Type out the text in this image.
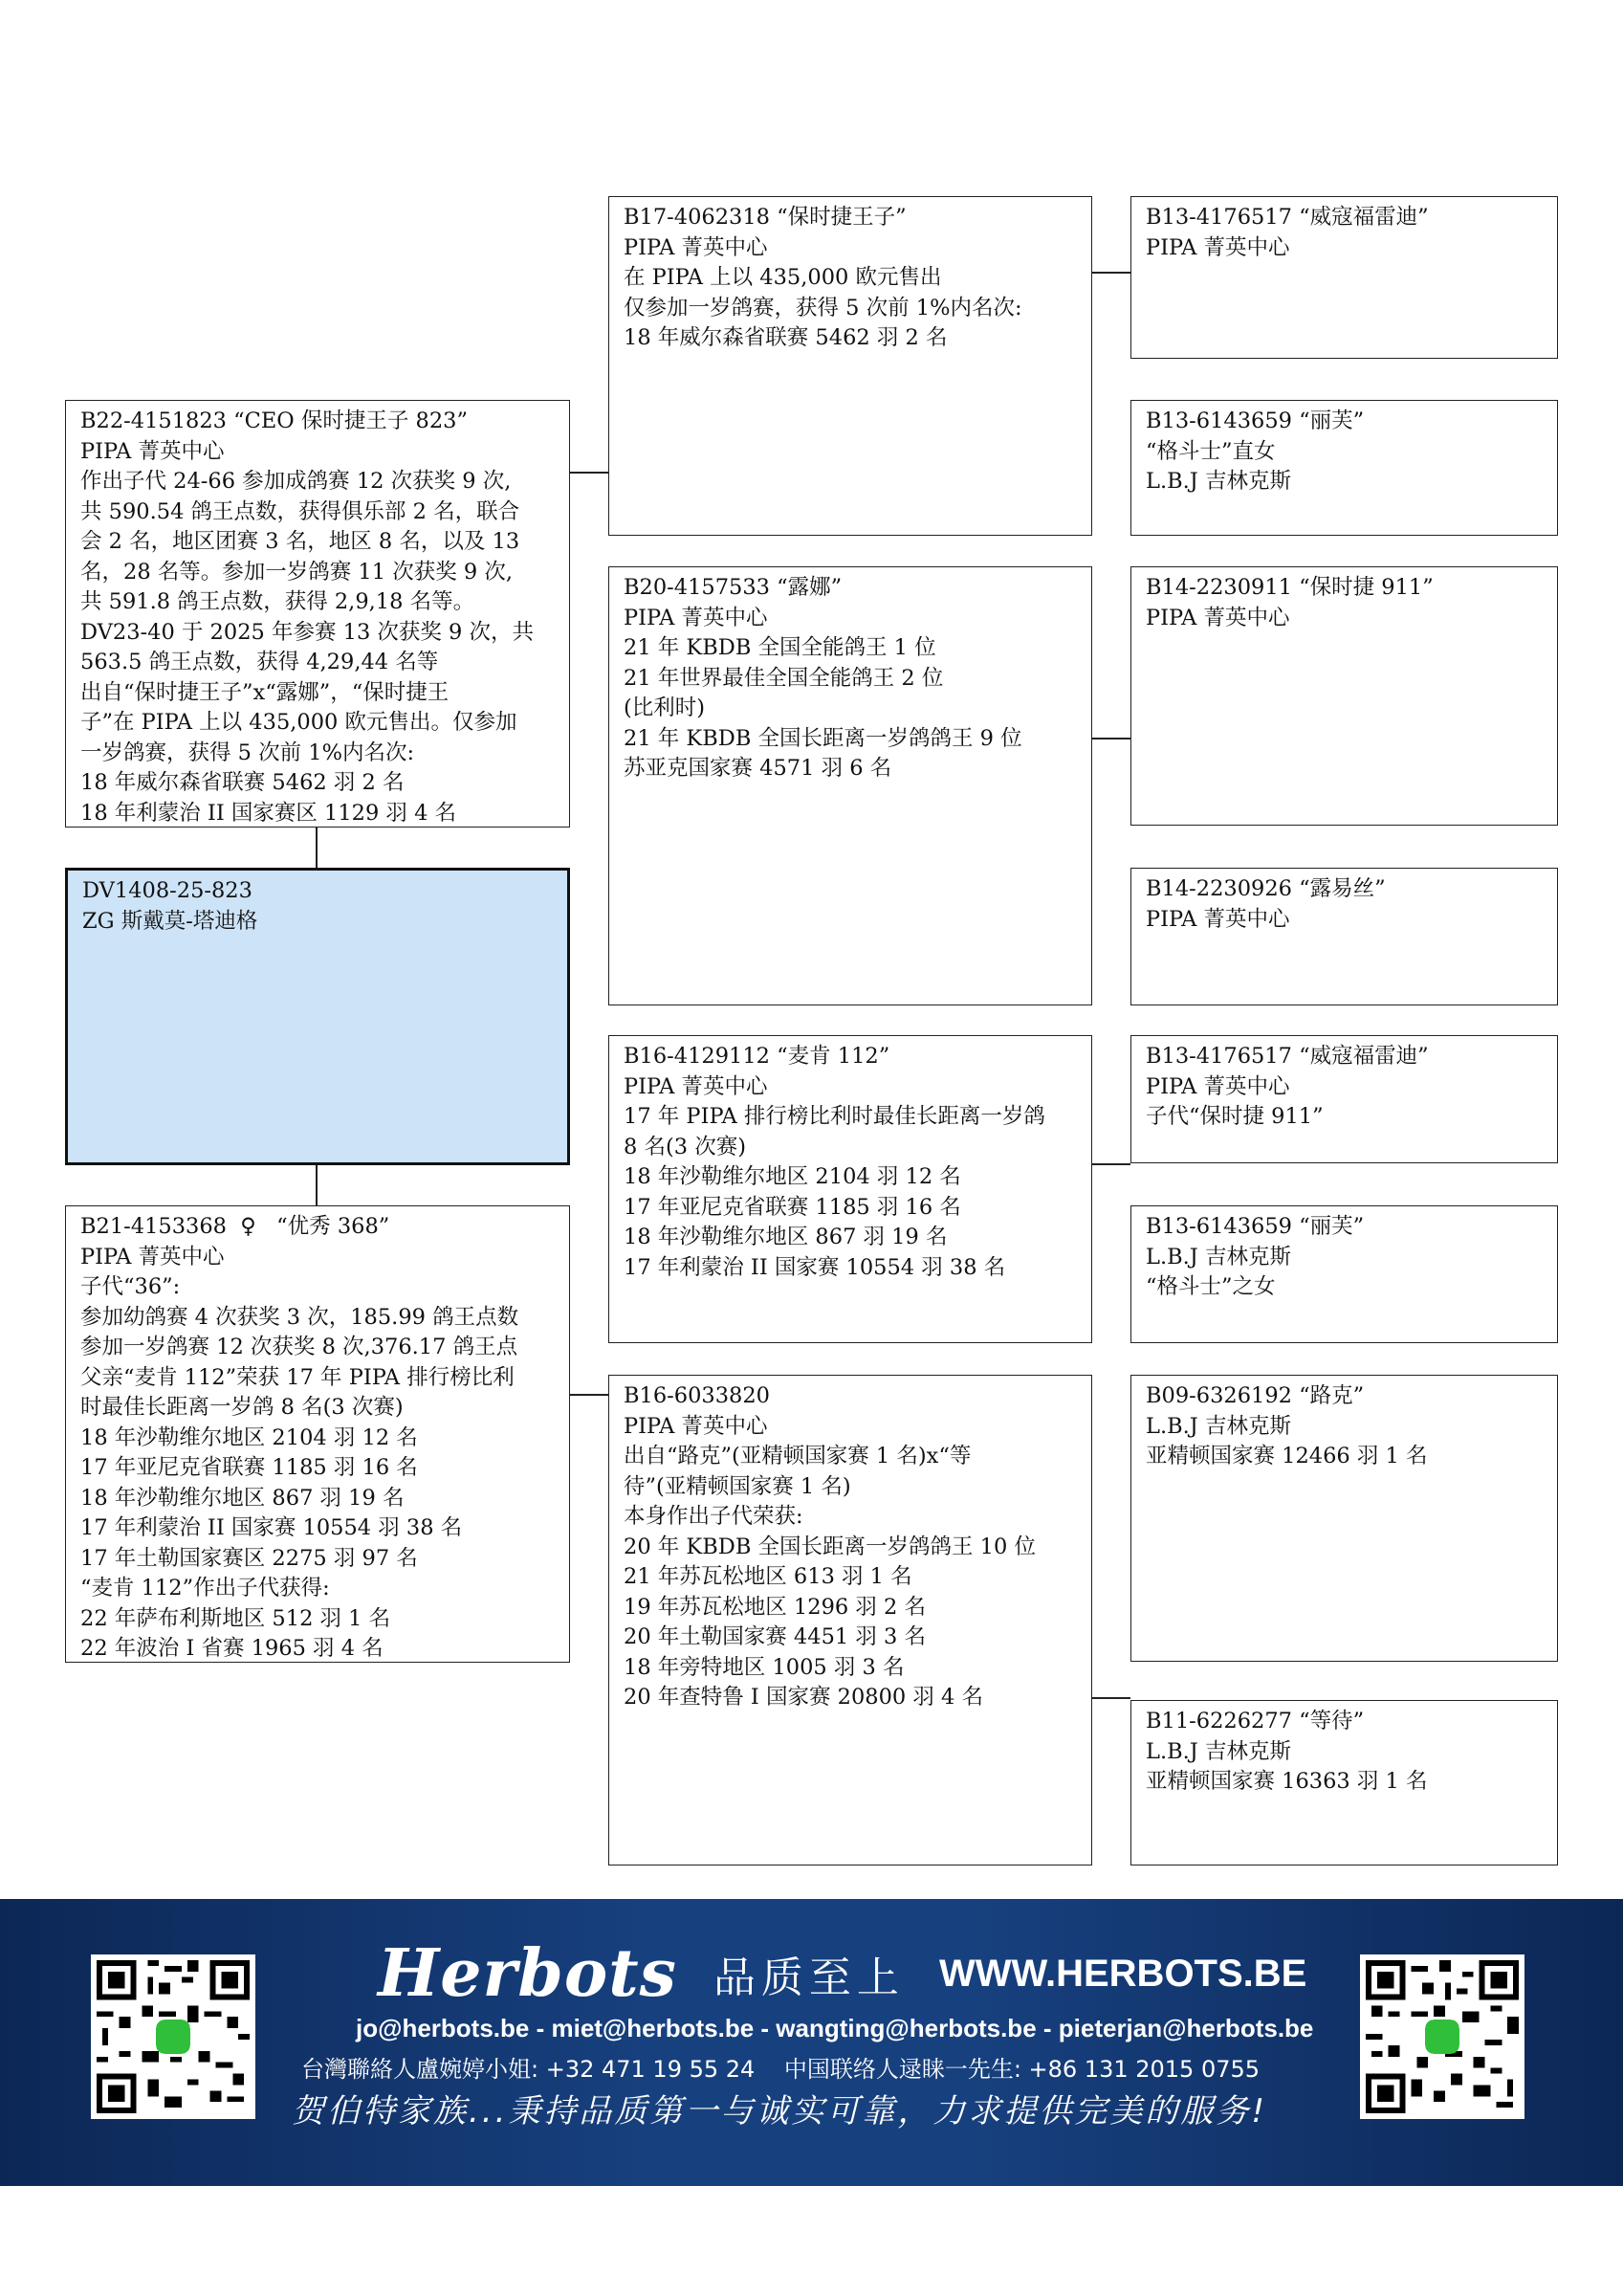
DV1408-25-823
ZG 斯戴莫-塔迪格
B22-4151823 “CEO 保时捷王子 823”
PIPA 菁英中心
作出子代 24-66 参加成鸽赛 12 次获奖 9 次,
共 590.54 鸽王点数，获得俱乐部 2 名，联合
会 2 名，地区团赛 3 名，地区 8 名，以及 13
名，28 名等。参加一岁鸽赛 11 次获奖 9 次,
共 591.8 鸽王点数，获得 2,9,18 名等。
DV23-40 于 2025 年参赛 13 次获奖 9 次，共
563.5 鸽王点数，获得 4,29,44 名等
出自“保时捷王子”x“露娜”，“保时捷王
子”在 PIPA 上以 435,000 欧元售出。仅参加
一岁鸽赛，获得 5 次前 1%内名次:
18 年威尔森省联赛 5462 羽 2 名
18 年利蒙治 II 国家赛区 1129 羽 4 名
B21-4153368  ♀   “优秀 368”
PIPA 菁英中心
子代“36”:
参加幼鸽赛 4 次获奖 3 次，185.99 鸽王点数
参加一岁鸽赛 12 次获奖 8 次,376.17 鸽王点
父亲“麦肯 112”荣获 17 年 PIPA 排行榜比利
时最佳长距离一岁鸽 8 名(3 次赛)
18 年沙勒维尔地区 2104 羽 12 名
17 年亚尼克省联赛 1185 羽 16 名
18 年沙勒维尔地区 867 羽 19 名
17 年利蒙治 II 国家赛 10554 羽 38 名
17 年土勒国家赛区 2275 羽 97 名
“麦肯 112”作出子代获得:
22 年萨布利斯地区 512 羽 1 名
22 年波治 I 省赛 1965 羽 4 名
B17-4062318 “保时捷王子”
PIPA 菁英中心
在 PIPA 上以 435,000 欧元售出
仅参加一岁鸽赛，获得 5 次前 1%内名次:
18 年威尔森省联赛 5462 羽 2 名
B20-4157533 “露娜”
PIPA 菁英中心
21 年 KBDB 全国全能鸽王 1 位
21 年世界最佳全国全能鸽王 2 位
(比利时)
21 年 KBDB 全国长距离一岁鸽鸽王 9 位
苏亚克国家赛 4571 羽 6 名
B16-4129112 “麦肯 112”
PIPA 菁英中心
17 年 PIPA 排行榜比利时最佳长距离一岁鸽
8 名(3 次赛)
18 年沙勒维尔地区 2104 羽 12 名
17 年亚尼克省联赛 1185 羽 16 名
18 年沙勒维尔地区 867 羽 19 名
17 年利蒙治 II 国家赛 10554 羽 38 名
B16-6033820
PIPA 菁英中心
出自“路克”(亚精顿国家赛 1 名)x“等
待”(亚精顿国家赛 1 名)
本身作出子代荣获:
20 年 KBDB 全国长距离一岁鸽鸽王 10 位
21 年苏瓦松地区 613 羽 1 名
19 年苏瓦松地区 1296 羽 2 名
20 年土勒国家赛 4451 羽 3 名
18 年旁特地区 1005 羽 3 名
20 年查特鲁 I 国家赛 20800 羽 4 名
B13-4176517 “威寇福雷迪”
PIPA 菁英中心
B13-6143659 “丽芙”
“格斗士”直女
L.B.J 吉林克斯
B14-2230911 “保时捷 911”
PIPA 菁英中心
B14-2230926 “露易丝”
PIPA 菁英中心
B13-4176517 “威寇福雷迪”
PIPA 菁英中心
子代“保时捷 911”
B13-6143659 “丽芙”
L.B.J 吉林克斯
“格斗士”之女
B09-6326192 “路克”
L.B.J 吉林克斯
亚精顿国家赛 12466 羽 1 名
B11-6226277 “等待”
L.B.J 吉林克斯
亚精顿国家赛 16363 羽 1 名
Herbots 品质至上 WWW.HERBOTS.BE
jo@herbots.be - miet@herbots.be - wangting@herbots.be - pieterjan@herbots.be
台灣聯絡人盧婉婷小姐: +32 471 19 55 24    中国联络人逯睐一先生: +86 131 2015 0755
贺伯特家族...秉持品质第一与诚实可靠，力求提供完美的服务!
